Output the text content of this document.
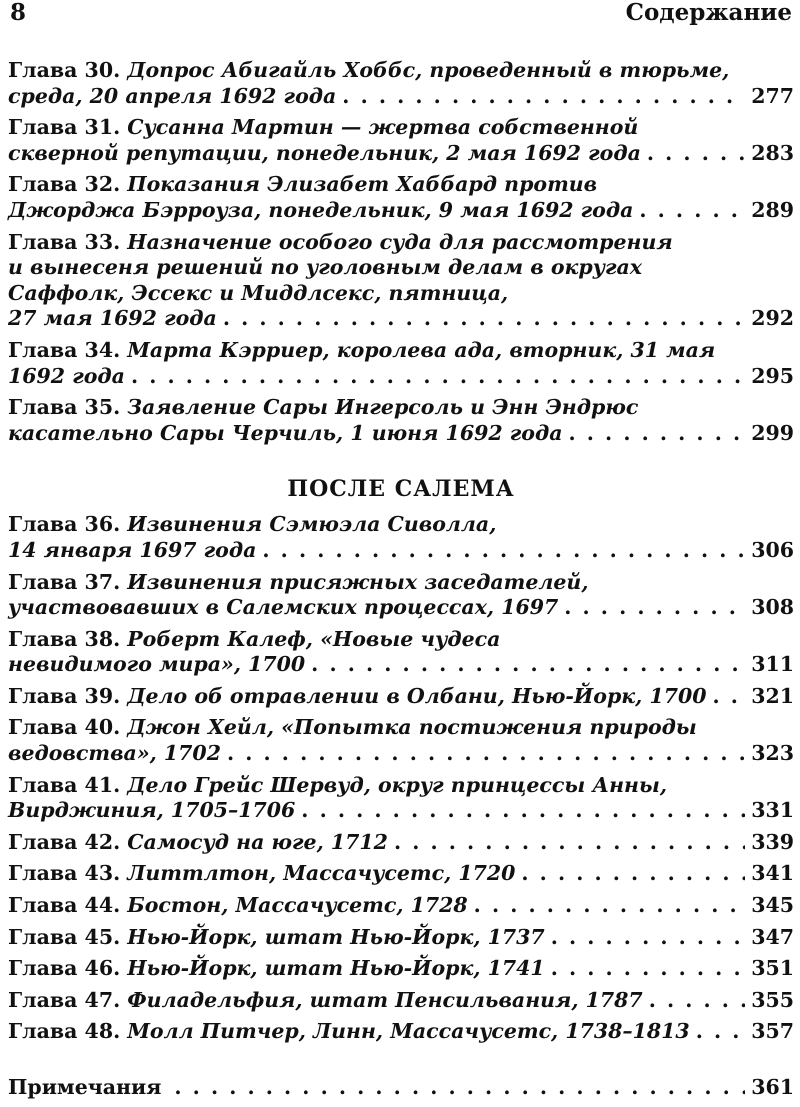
8	Содержание
Глава 30. Допрос Абигайль Хоббс, проведенный в тюрьме,
среда, 20 апреля 1692 года . . .	277
Глава 31. Сусанна Мартин — жертва собственной
скверной репутации, понедельник, 2 мая 1692 года . . .	283
Глава 32. Показания Элизабет Хаббард против
Джорджа Бэрроуза, понедельник, 9 мая 1692 года . . .	289
Глава 33. Назначение особого суда для рассмотрения
и вынесеня решений по уголовным делам в округах
Саффолк, Эссекс и Миддлсекс, пятница,
27 мая 1692 года . . .	292
Глава 34. Марта Кэрриер, королева ада, вторник, 31 мая
1692 года . . .	295
Глава 35. Заявление Сары Ингерсоль и Энн Эндрюс
касательно Сары Черчиль, 1 июня 1692 года . . .	299
ПОСЛЕ САЛЕМА
Глава 36. Извинения Сэмюэла Сиволла,
14 января 1697 года . . .	306
Глава 37. Извинения присяжных заседателей,
участвовавших в Салемских процессах, 1697 . . .	308
Глава 38. Роберт Калеф, «Новые чудеса
невидимого мира», 1700 . . .	311
Глава 39. Дело об отравлении в Олбани, Нью-Йорк, 1700 . . . 321
Глава 40. Джон Хейл, «Попытка постижения природы
ведовства», 1702 . . .	323
Глава 41. Дело Грейс Шервуд, округ принцессы Анны,
Вирджиния, 1705–1706 . . .	331
Глава 42. Самосуд на юге, 1712 . . .	339
Глава 43. Литтлтон, Массачусетс, 1720 . . .	341
Глава 44. Бостон, Массачусетс, 1728 . . .	345
Глава 45. Нью-Йорк, штат Нью-Йорк, 1737 . . .	347
Глава 46. Нью-Йорк, штат Нью-Йорк, 1741 . . .	351
Глава 47. Филадельфия, штат Пенсильвания, 1787 . . .	355
Глава 48. Молл Питчер, Линн, Массачусетс, 1738–1813 . . .	357
Примечания . . .	361
